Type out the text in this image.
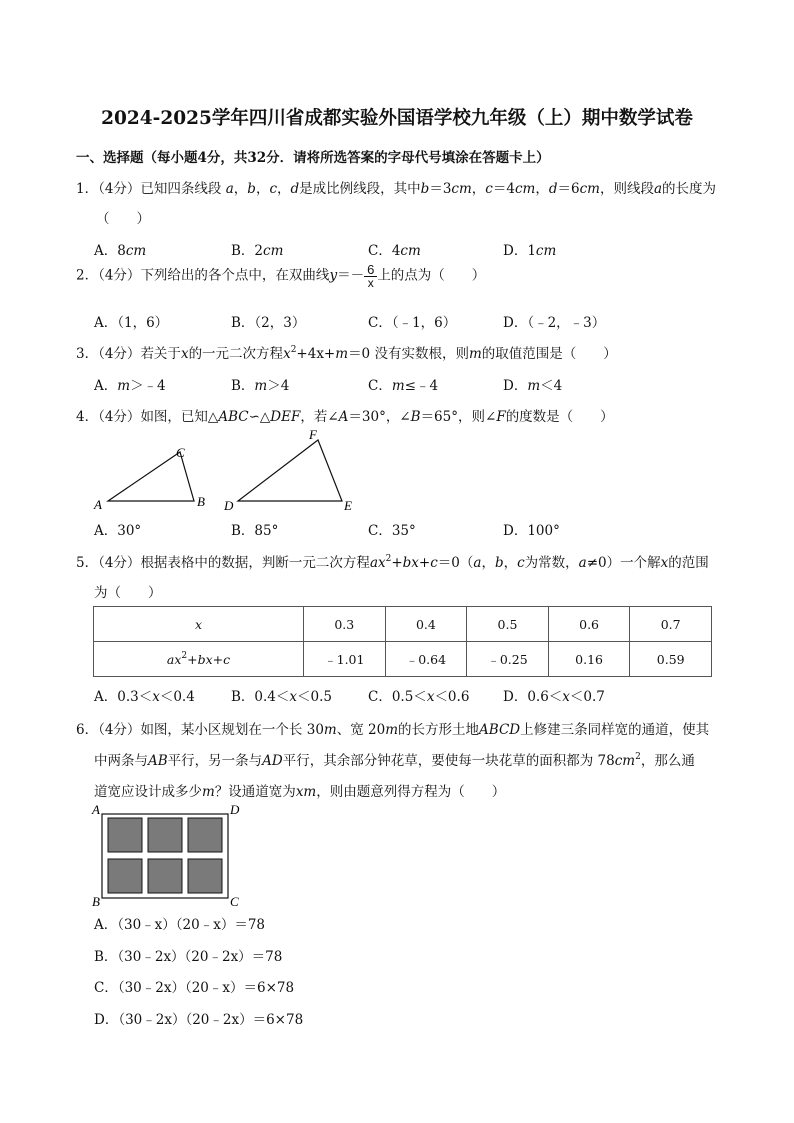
2024-2025学年四川省成都实验外国语学校九年级（上）期中数学试卷
一、选择题（每小题4分，共32分．请将所选答案的字母代号填涂在答题卡上）
1．（4分）已知四条线段 a，b，c，d是成比例线段，其中b＝3cm，c＝4cm，d＝6cm，则线段a的长度为
（　　）
A．8cm	B．2cm	C．4cm	D．1cm
2．（4分）下列给出的各个点中，在双曲线$y=- \frac{6}{x}$ 上的点为（　　）
A．（1，6）	B．（2，3）	C．（﹣1，6）	D．（﹣2，﹣3）
3．（4分）若关于x的一元二次方程$x^2+4x+m=0$ 没有实数根，则m的取值范围是（　　）
A．m＞﹣4	B．m＞4	C．m≤﹣4	D．m＜4
4．（4分）如图，已知△ABC∽△DEF，若∠A＝30°，∠B＝65°，则∠F的度数是（　　）
A	B
C
D	E
F
A．30°	B．85°	C．35°	D．100°
5．（4分）根据表格中的数据，判断一元二次方程$ax^2+bx+c=0(a$，b，c为常数，a≠0）一个解x的范围
为（　　）
x	0.3	0.4	0.5	0.6	0.7
$ax^2+bx+c$	﹣1.01	﹣0.64	﹣0.25	0.16	0.59
A．0.3＜x＜0.4	B．0.4＜x＜0.5	C．0.5＜x＜0.6 D．0.6＜x＜0.7
6．（4分）如图，某小区规划在一个长 30m、宽 20m的长方形土地ABCD上修建三条同样宽的通道，使其
中两条与AB平行，另一条与AD平行，其余部分钟花草，要使每一块花草的面积都为 $78cm^2$，那么通
道宽应设计成多少m？设通道宽为xm，则由题意列得方程为（　　）
A	D
B	C
A．（30﹣x）（20﹣x）＝78
B．（30﹣2x）（20﹣2x）＝78
C．（30﹣2x）（20﹣x）＝6×78
D．（30﹣2x）（20﹣2x）＝6×78
